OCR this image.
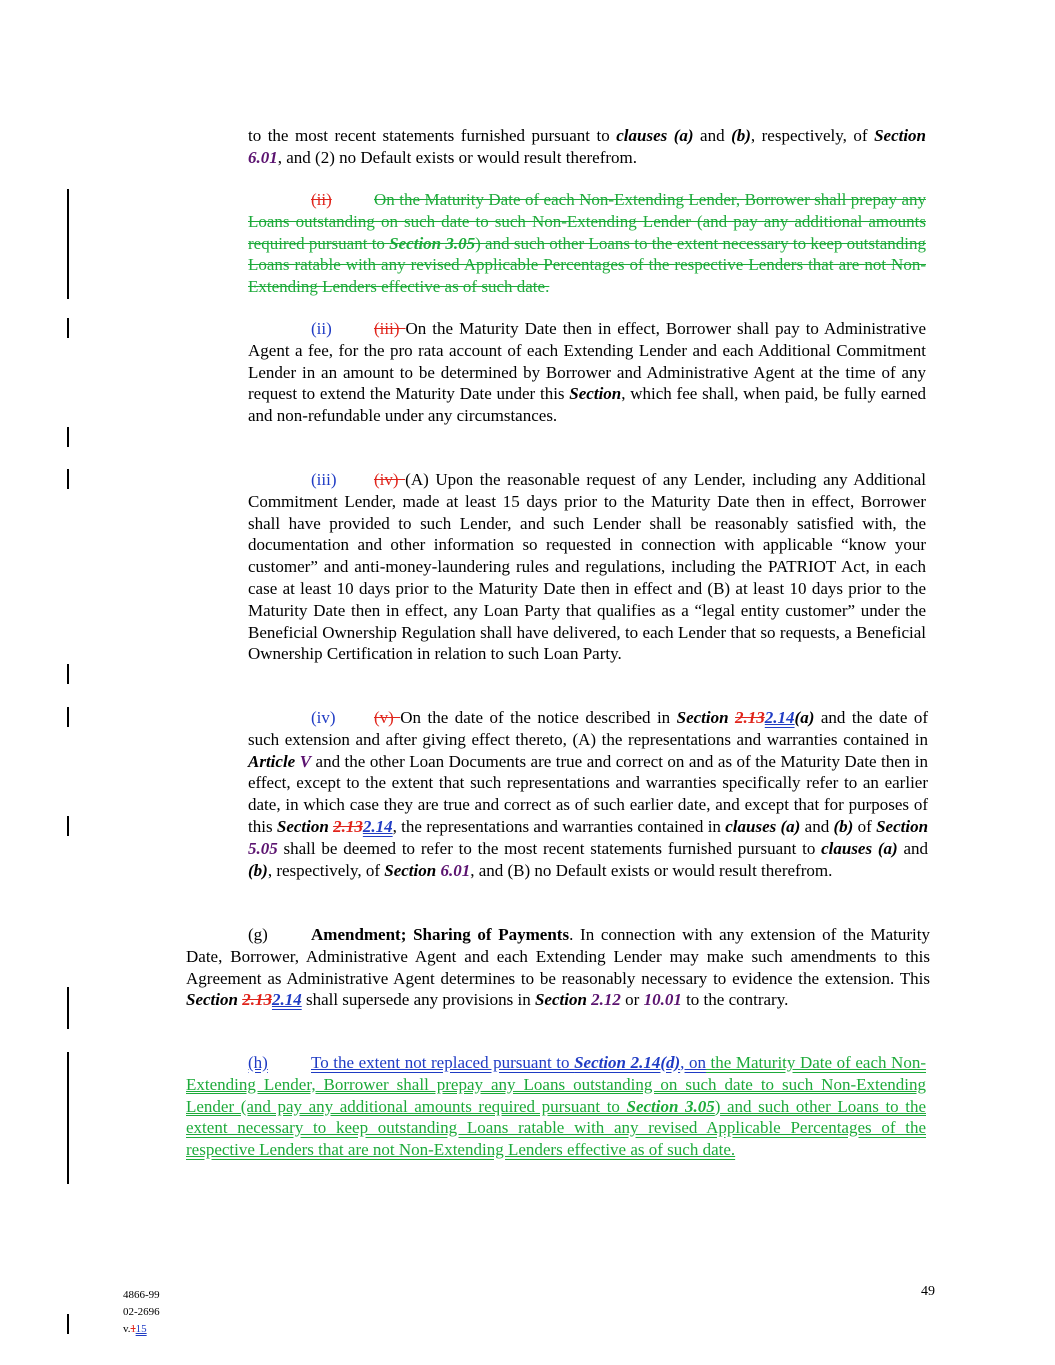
to the most recent statements furnished pursuant to clauses (a) and (b), respectively, of Section 6.01, and (2) no Default exists or would result therefrom.

(ii) On the Maturity Date of each Non-Extending Lender, Borrower shall prepay any Loans outstanding on such date to such Non-Extending Lender (and pay any additional amounts required pursuant to Section 3.05) and such other Loans to the extent necessary to keep outstanding Loans ratable with any revised Applicable Percentages of the respective Lenders that are not Non-Extending Lenders effective as of such date.

(ii) (iii) On the Maturity Date then in effect, Borrower shall pay to Administrative Agent a fee, for the pro rata account of each Extending Lender and each Additional Commitment Lender in an amount to be determined by Borrower and Administrative Agent at the time of any request to extend the Maturity Date under this Section, which fee shall, when paid, be fully earned and non-refundable under any circumstances.

(iii) (iv) (A) Upon the reasonable request of any Lender, including any Additional Commitment Lender, made at least 15 days prior to the Maturity Date then in effect, Borrower shall have provided to such Lender, and such Lender shall be reasonably satisfied with, the documentation and other information so requested in connection with applicable “know your customer” and anti-money-laundering rules and regulations, including the PATRIOT Act, in each case at least 10 days prior to the Maturity Date then in effect and (B) at least 10 days prior to the Maturity Date then in effect, any Loan Party that qualifies as a “legal entity customer” under the Beneficial Ownership Regulation shall have delivered, to each Lender that so requests, a Beneficial Ownership Certification in relation to such Loan Party.

(iv) (v) On the date of the notice described in Section 2.132.14(a) and the date of such extension and after giving effect thereto, (A) the representations and warranties contained in Article V and the other Loan Documents are true and correct on and as of the Maturity Date then in effect, except to the extent that such representations and warranties specifically refer to an earlier date, in which case they are true and correct as of such earlier date, and except that for purposes of this Section 2.132.14, the representations and warranties contained in clauses (a) and (b) of Section 5.05 shall be deemed to refer to the most recent statements furnished pursuant to clauses (a) and (b), respectively, of Section 6.01, and (B) no Default exists or would result therefrom.

(g)	Amendment; Sharing of Payments. In connection with any extension of the Maturity Date, Borrower, Administrative Agent and each Extending Lender may make such amendments to this Agreement as Administrative Agent determines to be reasonably necessary to evidence the extension. This Section 2.132.14 shall supersede any provisions in Section 2.12 or 10.01 to the contrary.

(h)	To the extent not replaced pursuant to Section 2.14(d), on the Maturity Date of each Non-Extending Lender, Borrower shall prepay any Loans outstanding on such date to such Non-Extending Lender (and pay any additional amounts required pursuant to Section 3.05) and such other Loans to the extent necessary to keep outstanding Loans ratable with any revised Applicable Percentages of the respective Lenders that are not Non-Extending Lenders effective as of such date.

4866-99
02-2696
v.115
49
